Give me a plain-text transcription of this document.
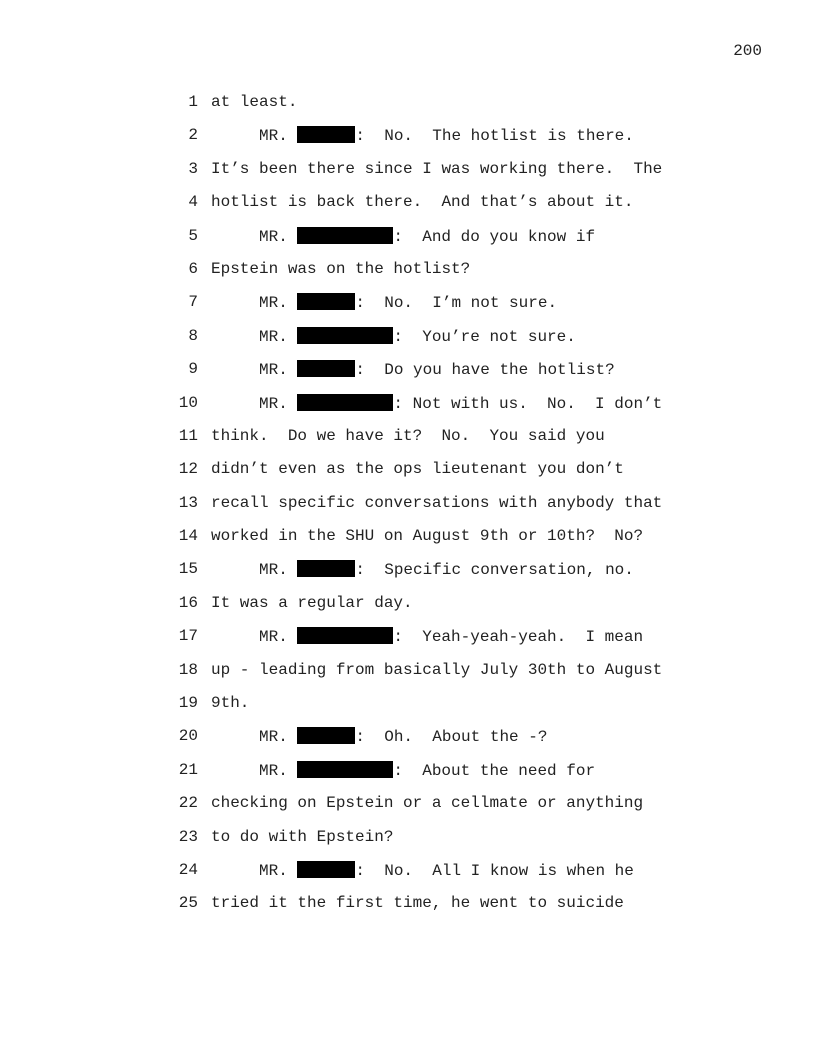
200
1 at least.
2 MR.	:  No.  The hotlist is there.
3 It’s been there since I was working there.  The
4 hotlist is back there.  And that’s about it.
5 MR.	:  And do you know if
6 Epstein was on the hotlist?
7 MR.	:  No.  I’m not sure.
8 MR.	:  You’re not sure.
9 MR.	:  Do you have the hotlist?
10 MR.	: Not with us.  No.  I don’t
11 think.  Do we have it?  No.  You said you
12 didn’t even as the ops lieutenant you don’t
13 recall specific conversations with anybody that
14 worked in the SHU on August 9th or 10th?  No?
15 MR.	:  Specific conversation, no.
16 It was a regular day.
17 MR.	:  Yeah-yeah-yeah.  I mean
18 up - leading from basically July 30th to August
19 9th.
20 MR.	:  Oh.  About the -?
21 MR.	:  About the need for
22 checking on Epstein or a cellmate or anything
23 to do with Epstein?
24 MR.	:  No.  All I know is when he
25 tried it the first time, he went to suicide
